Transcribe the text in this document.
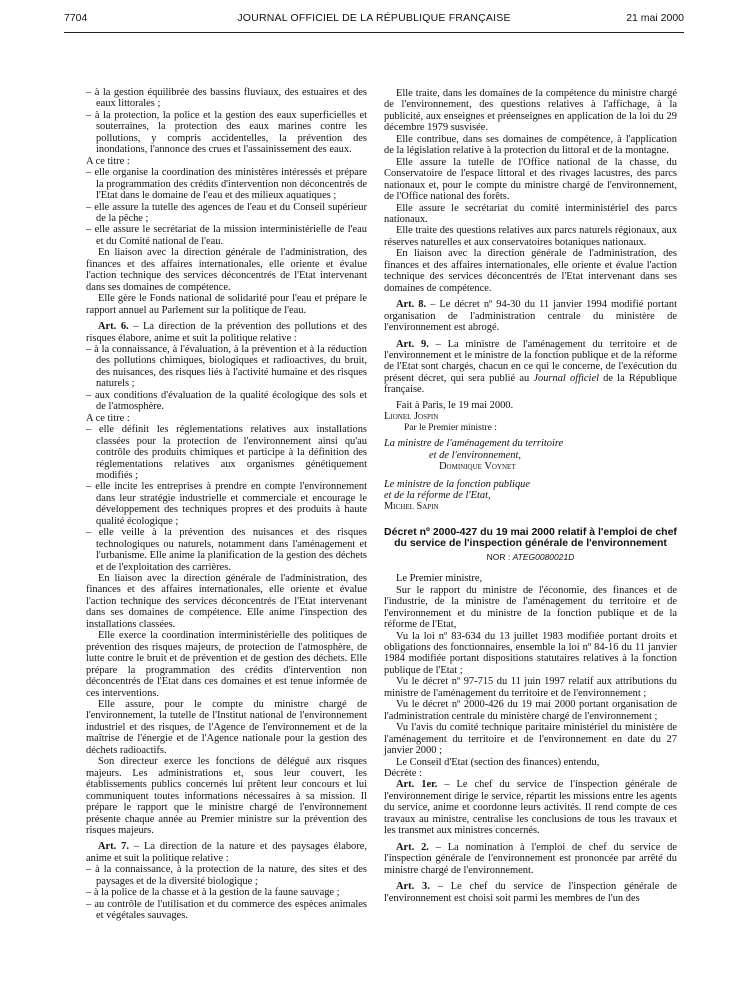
7704	JOURNAL OFFICIEL DE LA RÉPUBLIQUE FRANÇAISE	21 mai 2000

– à la gestion équilibrée des bassins fluviaux, des estuaires et des eaux littorales ;

– à la protection, la police et la gestion des eaux superficielles et souterraines, la protection des eaux marines contre les pollutions, y compris accidentelles, la prévention des inondations, l'annonce des crues et l'assainissement des eaux.

A ce titre :

– elle organise la coordination des ministères intéressés et prépare la programmation des crédits d'intervention non déconcentrés de l'Etat dans le domaine de l'eau et des milieux aquatiques ;

– elle assure la tutelle des agences de l'eau et du Conseil supérieur de la pêche ;

– elle assure le secrétariat de la mission interministérielle de l'eau et du Comité national de l'eau.

En liaison avec la direction générale de l'administration, des finances et des affaires internationales, elle oriente et évalue l'action technique des services déconcentrés de l'Etat intervenant dans ses domaines de compétence.

Elle gère le Fonds national de solidarité pour l'eau et prépare le rapport annuel au Parlement sur la politique de l'eau.

Art. 6. – La direction de la prévention des pollutions et des risques élabore, anime et suit la politique relative :

– à la connaissance, à l'évaluation, à la prévention et à la réduction des pollutions chimiques, biologiques et radioactives, du bruit, des nuisances, des risques liés à l'activité humaine et des risques naturels ;

– aux conditions d'évaluation de la qualité écologique des sols et de l'atmosphère.

A ce titre :

– elle définit les réglementations relatives aux installations classées pour la protection de l'environnement ainsi qu'au contrôle des produits chimiques et participe à la définition des réglementations relatives aux organismes génétiquement modifiés ;

– elle incite les entreprises à prendre en compte l'environnement dans leur stratégie industrielle et commerciale et encourage le développement des techniques propres et des produits à haute qualité écologique ;

– elle veille à la prévention des nuisances et des risques technologiques ou naturels, notamment dans l'aménagement et l'urbanisme. Elle anime la planification de la gestion des déchets et de l'exploitation des carrières.

En liaison avec la direction générale de l'administration, des finances et des affaires internationales, elle oriente et évalue l'action technique des services déconcentrés de l'Etat intervenant dans ses domaines de compétence. Elle anime l'inspection des installations classées.

Elle exerce la coordination interministérielle des politiques de prévention des risques majeurs, de protection de l'atmosphère, de lutte contre le bruit et de prévention et de gestion des déchets. Elle prépare la programmation des crédits d'intervention non déconcentrés de l'Etat dans ces domaines et est tenue informée de ces interventions.

Elle assure, pour le compte du ministre chargé de l'environnement, la tutelle de l'Institut national de l'environnement industriel et des risques, de l'Agence de l'environnement et de la maîtrise de l'énergie et de l'Agence nationale pour la gestion des déchets radioactifs.

Son directeur exerce les fonctions de délégué aux risques majeurs. Les administrations et, sous leur couvert, les établissements publics concernés lui prêtent leur concours et lui communiquent toutes informations nécessaires à sa mission. Il prépare le rapport que le ministre chargé de l'environnement présente chaque année au Premier ministre sur la prévention des risques majeurs.

Art. 7. – La direction de la nature et des paysages élabore, anime et suit la politique relative :

– à la connaissance, à la protection de la nature, des sites et des paysages et de la diversité biologique ;

– à la police de la chasse et à la gestion de la faune sauvage ;

– au contrôle de l'utilisation et du commerce des espèces animales et végétales sauvages.

Elle traite, dans les domaines de la compétence du ministre chargé de l'environnement, des questions relatives à l'affichage, à la publicité, aux enseignes et préenseignes en application de la loi du 29 décembre 1979 susvisée.

Elle contribue, dans ses domaines de compétence, à l'application de la législation relative à la protection du littoral et de la montagne.

Elle assure la tutelle de l'Office national de la chasse, du Conservatoire de l'espace littoral et des rivages lacustres, des parcs nationaux et, pour le compte du ministre chargé de l'environnement, de l'Office national des forêts.

Elle assure le secrétariat du comité interministériel des parcs nationaux.

Elle traite des questions relatives aux parcs naturels régionaux, aux réserves naturelles et aux conservatoires botaniques nationaux.

En liaison avec la direction générale de l'administration, des finances et des affaires internationales, elle oriente et évalue l'action technique des services déconcentrés de l'Etat intervenant dans ses domaines de compétence.

Art. 8. – Le décret nº 94-30 du 11 janvier 1994 modifié portant organisation de l'administration centrale du ministère de l'environnement est abrogé.

Art. 9. – La ministre de l'aménagement du territoire et de l'environnement et le ministre de la fonction publique et de la réforme de l'Etat sont chargés, chacun en ce qui le concerne, de l'exécution du présent décret, qui sera publié au Journal officiel de la République française.

Fait à Paris, le 19 mai 2000.

Lionel Jospin

Par le Premier ministre :

La ministre de l'aménagement du territoire

et de l'environnement,

Dominique Voynet

Le ministre de la fonction publique

et de la réforme de l'Etat,

Michel Sapin

Décret nº 2000-427 du 19 mai 2000 relatif à l'emploi de chef du service de l'inspection générale de l'environnement
NOR : ATEG0080021D

Le Premier ministre,

Sur le rapport du ministre de l'économie, des finances et de l'industrie, de la ministre de l'aménagement du territoire et de l'environnement et du ministre de la fonction publique et de la réforme de l'Etat,

Vu la loi nº 83-634 du 13 juillet 1983 modifiée portant droits et obligations des fonctionnaires, ensemble la loi nº 84-16 du 11 janvier 1984 modifiée portant dispositions statutaires relatives à la fonction publique de l'Etat ;

Vu le décret nº 97-715 du 11 juin 1997 relatif aux attributions du ministre de l'aménagement du territoire et de l'environnement ;

Vu le décret nº 2000-426 du 19 mai 2000 portant organisation de l'administration centrale du ministère chargé de l'environnement ;

Vu l'avis du comité technique paritaire ministériel du ministère de l'aménagement du territoire et de l'environnement en date du 27 janvier 2000 ;

Le Conseil d'Etat (section des finances) entendu,

Décrète :

Art. 1er. – Le chef du service de l'inspection générale de l'environnement dirige le service, répartit les missions entre les agents du service, anime et coordonne leurs activités. Il rend compte de ces travaux au ministre, centralise les conclusions de tous les travaux et les transmet aux ministres concernés.

Art. 2. – La nomination à l'emploi de chef du service de l'inspection générale de l'environnement est prononcée par arrêté du ministre chargé de l'environnement.

Art. 3. – Le chef du service de l'inspection générale de l'environnement est choisi soit parmi les membres de l'un des
